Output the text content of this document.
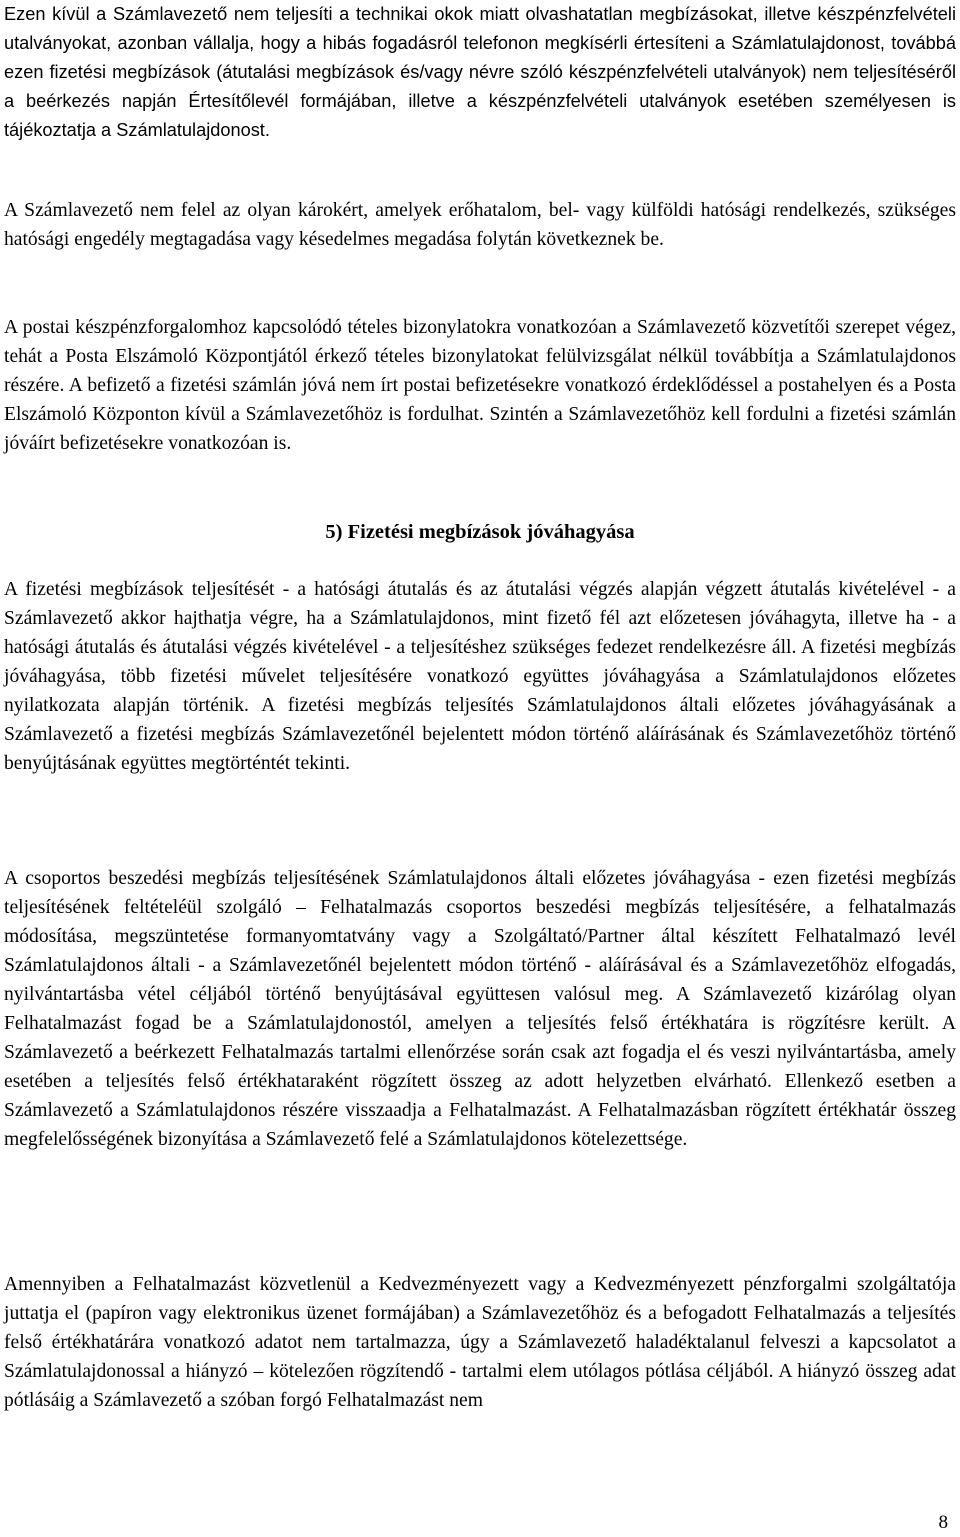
Ezen kívül a Számlavezető nem teljesíti a technikai okok miatt olvashatatlan megbízásokat, illetve készpénzfelvételi utalványokat, azonban vállalja, hogy a hibás fogadásról telefonon megkísérli értesíteni a Számlatulajdonost, továbbá ezen fizetési megbízások (átutalási megbízások és/vagy névre szóló készpénzfelvételi utalványok) nem teljesítéséről a beérkezés napján Értesítőlevél formájában, illetve a készpénzfelvételi utalványok esetében személyesen is tájékoztatja a Számlatulajdonost.

A Számlavezető nem felel az olyan károkért, amelyek erőhatalom, bel- vagy külföldi hatósági rendelkezés, szükséges hatósági engedély megtagadása vagy késedelmes megadása folytán következnek be.

A postai készpénzforgalomhoz kapcsolódó tételes bizonylatokra vonatkozóan a Számlavezető közvetítői szerepet végez, tehát a Posta Elszámoló Központjától érkező tételes bizonylatokat felülvizsgálat nélkül továbbítja a Számlatulajdonos részére. A befizető a fizetési számlán jóvá nem írt postai befizetésekre vonatkozó érdeklődéssel a postahelyen és a Posta Elszámoló Központon kívül a Számlavezetőhöz is fordulhat. Szintén a Számlavezetőhöz kell fordulni a fizetési számlán jóváírt befizetésekre vonatkozóan is.

5) Fizetési megbízások jóváhagyása

A fizetési megbízások teljesítését - a hatósági átutalás és az átutalási végzés alapján végzett átutalás kivételével - a Számlavezető akkor hajthatja végre, ha a Számlatulajdonos, mint fizető fél azt előzetesen jóváhagyta, illetve ha - a hatósági átutalás és átutalási végzés kivételével - a teljesítéshez szükséges fedezet rendelkezésre áll. A fizetési megbízás jóváhagyása, több fizetési művelet teljesítésére vonatkozó együttes jóváhagyása a Számlatulajdonos előzetes nyilatkozata alapján történik. A fizetési megbízás teljesítés Számlatulajdonos általi előzetes jóváhagyásának a Számlavezető a fizetési megbízás Számlavezetőnél bejelentett módon történő aláírásának és Számlavezetőhöz történő benyújtásának együttes megtörténtét tekinti.

A csoportos beszedési megbízás teljesítésének Számlatulajdonos általi előzetes jóváhagyása - ezen fizetési megbízás teljesítésének feltételéül szolgáló – Felhatalmazás csoportos beszedési megbízás teljesítésére, a felhatalmazás módosítása, megszüntetése formanyomtatvány vagy a Szolgáltató/Partner által készített Felhatalmazó levél Számlatulajdonos általi - a Számlavezetőnél bejelentett módon történő - aláírásával és a Számlavezetőhöz elfogadás, nyilvántartásba vétel céljából történő benyújtásával együttesen valósul meg. A Számlavezető kizárólag olyan Felhatalmazást fogad be a Számlatulajdonostól, amelyen a teljesítés felső értékhatára is rögzítésre került. A Számlavezető a beérkezett Felhatalmazás tartalmi ellenőrzése során csak azt fogadja el és veszi nyilvántartásba, amely esetében a teljesítés felső értékhataraként rögzített összeg az adott helyzetben elvárható. Ellenkező esetben a Számlavezető a Számlatulajdonos részére visszaadja a Felhatalmazást. A Felhatalmazásban rögzített értékhatár összeg megfelelősségének bizonyítása a Számlavezető felé a Számlatulajdonos kötelezettsége.

Amennyiben a Felhatalmazást közvetlenül a Kedvezményezett vagy a Kedvezményezett pénzforgalmi szolgáltatója juttatja el (papíron vagy elektronikus üzenet formájában) a Számlavezetőhöz és a befogadott Felhatalmazás a teljesítés felső értékhatárára vonatkozó adatot nem tartalmazza, úgy a Számlavezető haladéktalanul felveszi a kapcsolatot a Számlatulajdonossal a hiányzó – kötelezően rögzítendő - tartalmi elem utólagos pótlása céljából. A hiányzó összeg adat pótlásáig a Számlavezető a szóban forgó Felhatalmazást nem

8
